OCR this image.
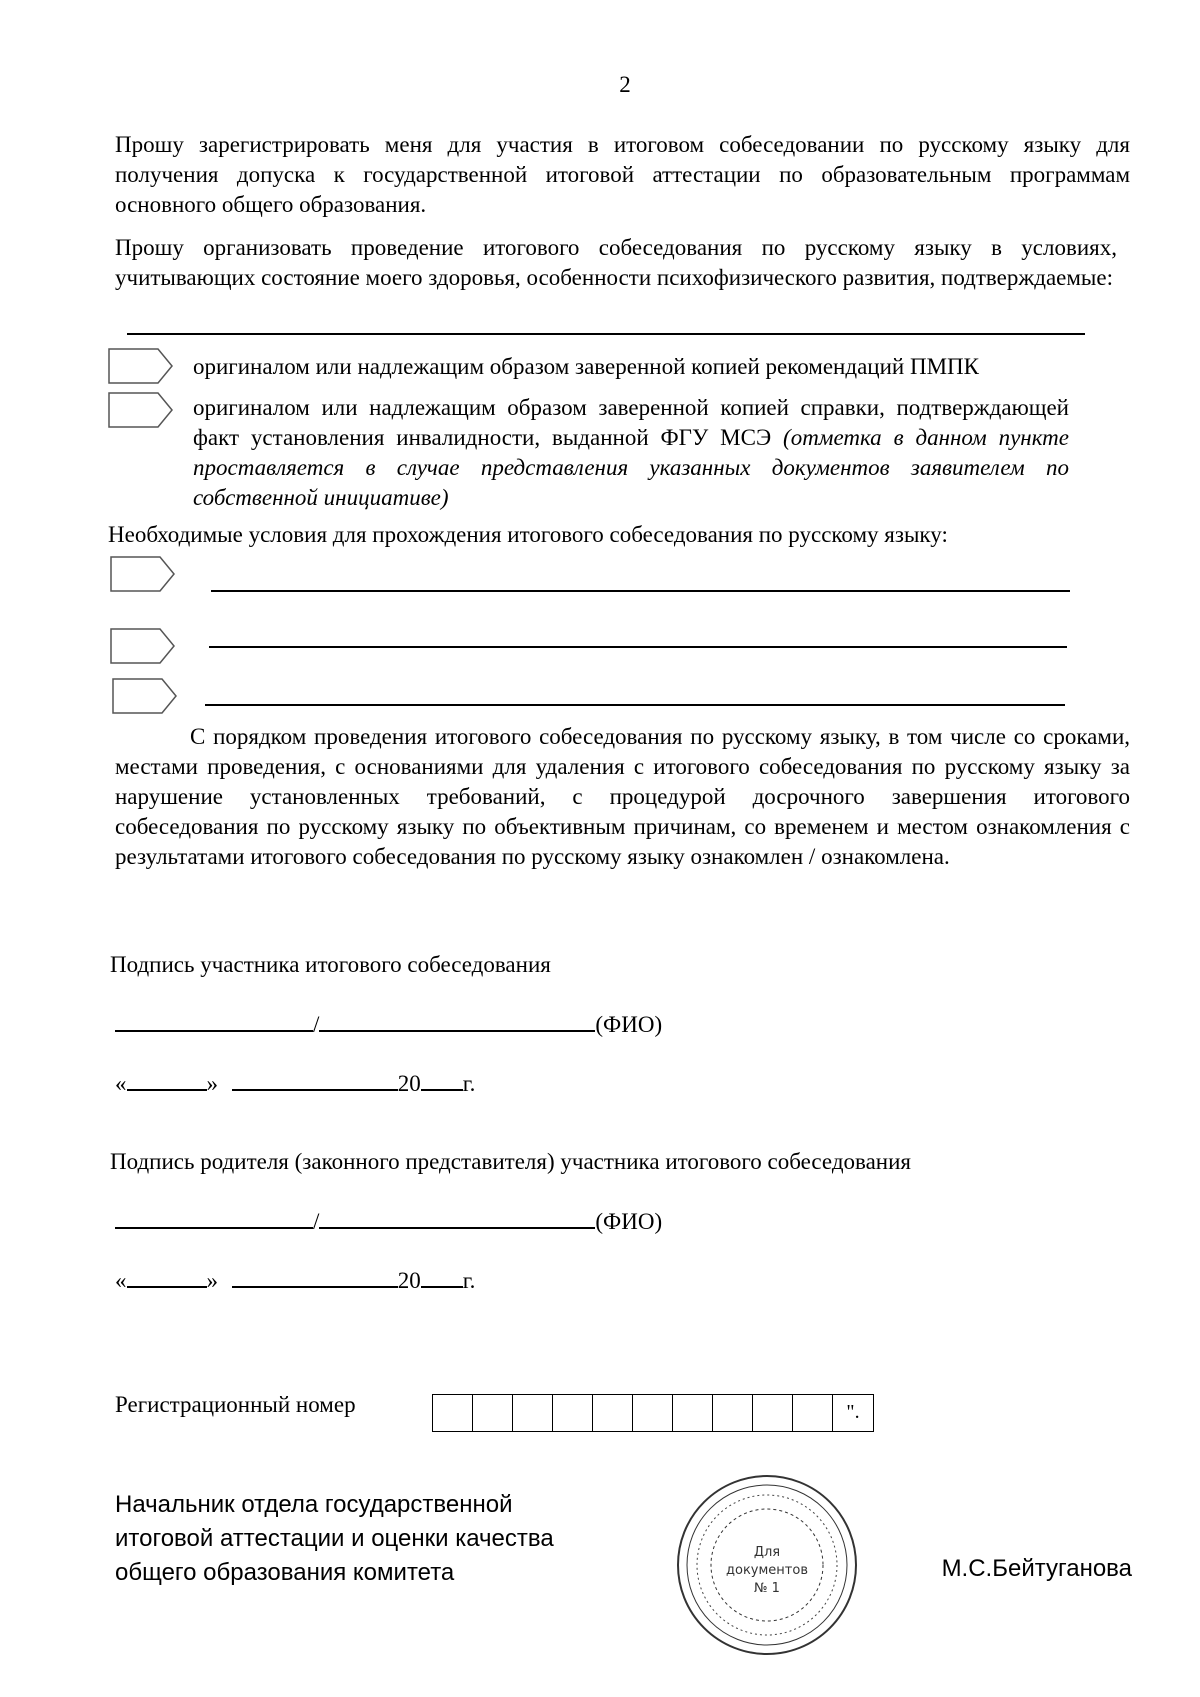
2

Прошу зарегистрировать меня для участия в итоговом собеседовании по русскому языку для получения допуска к государственной итоговой аттестации по образовательным программам основного общего образования.

Прошу организовать проведение итогового собеседования по русскому языку в условиях, учитывающих состояние моего здоровья, особенности психофизического развития, подтверждаемые:

оригиналом или надлежащим образом заверенной копией рекомендаций ПМПК
оригиналом или надлежащим образом заверенной копией справки, подтверждающей факт установления инвалидности, выданной ФГУ МСЭ (отметка в данном пункте проставляется в случае представления указанных документов заявителем по собственной инициативе)
Необходимые условия для прохождения итогового собеседования по русскому языку:
С порядком проведения итогового собеседования по русскому языку, в том числе со сроками, местами проведения, с основаниями для удаления с итогового собеседования по русскому языку за нарушение установленных требований, с процедурой досрочного завершения итогового собеседования по русскому языку по объективным причинам, со временем и местом ознакомления с результатами итогового собеседования по русскому языку ознакомлен / ознакомлена.
Подпись участника итогового собеседования
/	(ФИО)
«	»	20 г.
Подпись родителя (законного представителя) участника итогового собеседования
/	(ФИО)
«	»	20 г.
Регистрационный номер	".
Начальник отдела государственной
итоговой аттестации и оценки качества
общего образования комитета
Для
документов
№ 1
М.С.Бейтуганова
